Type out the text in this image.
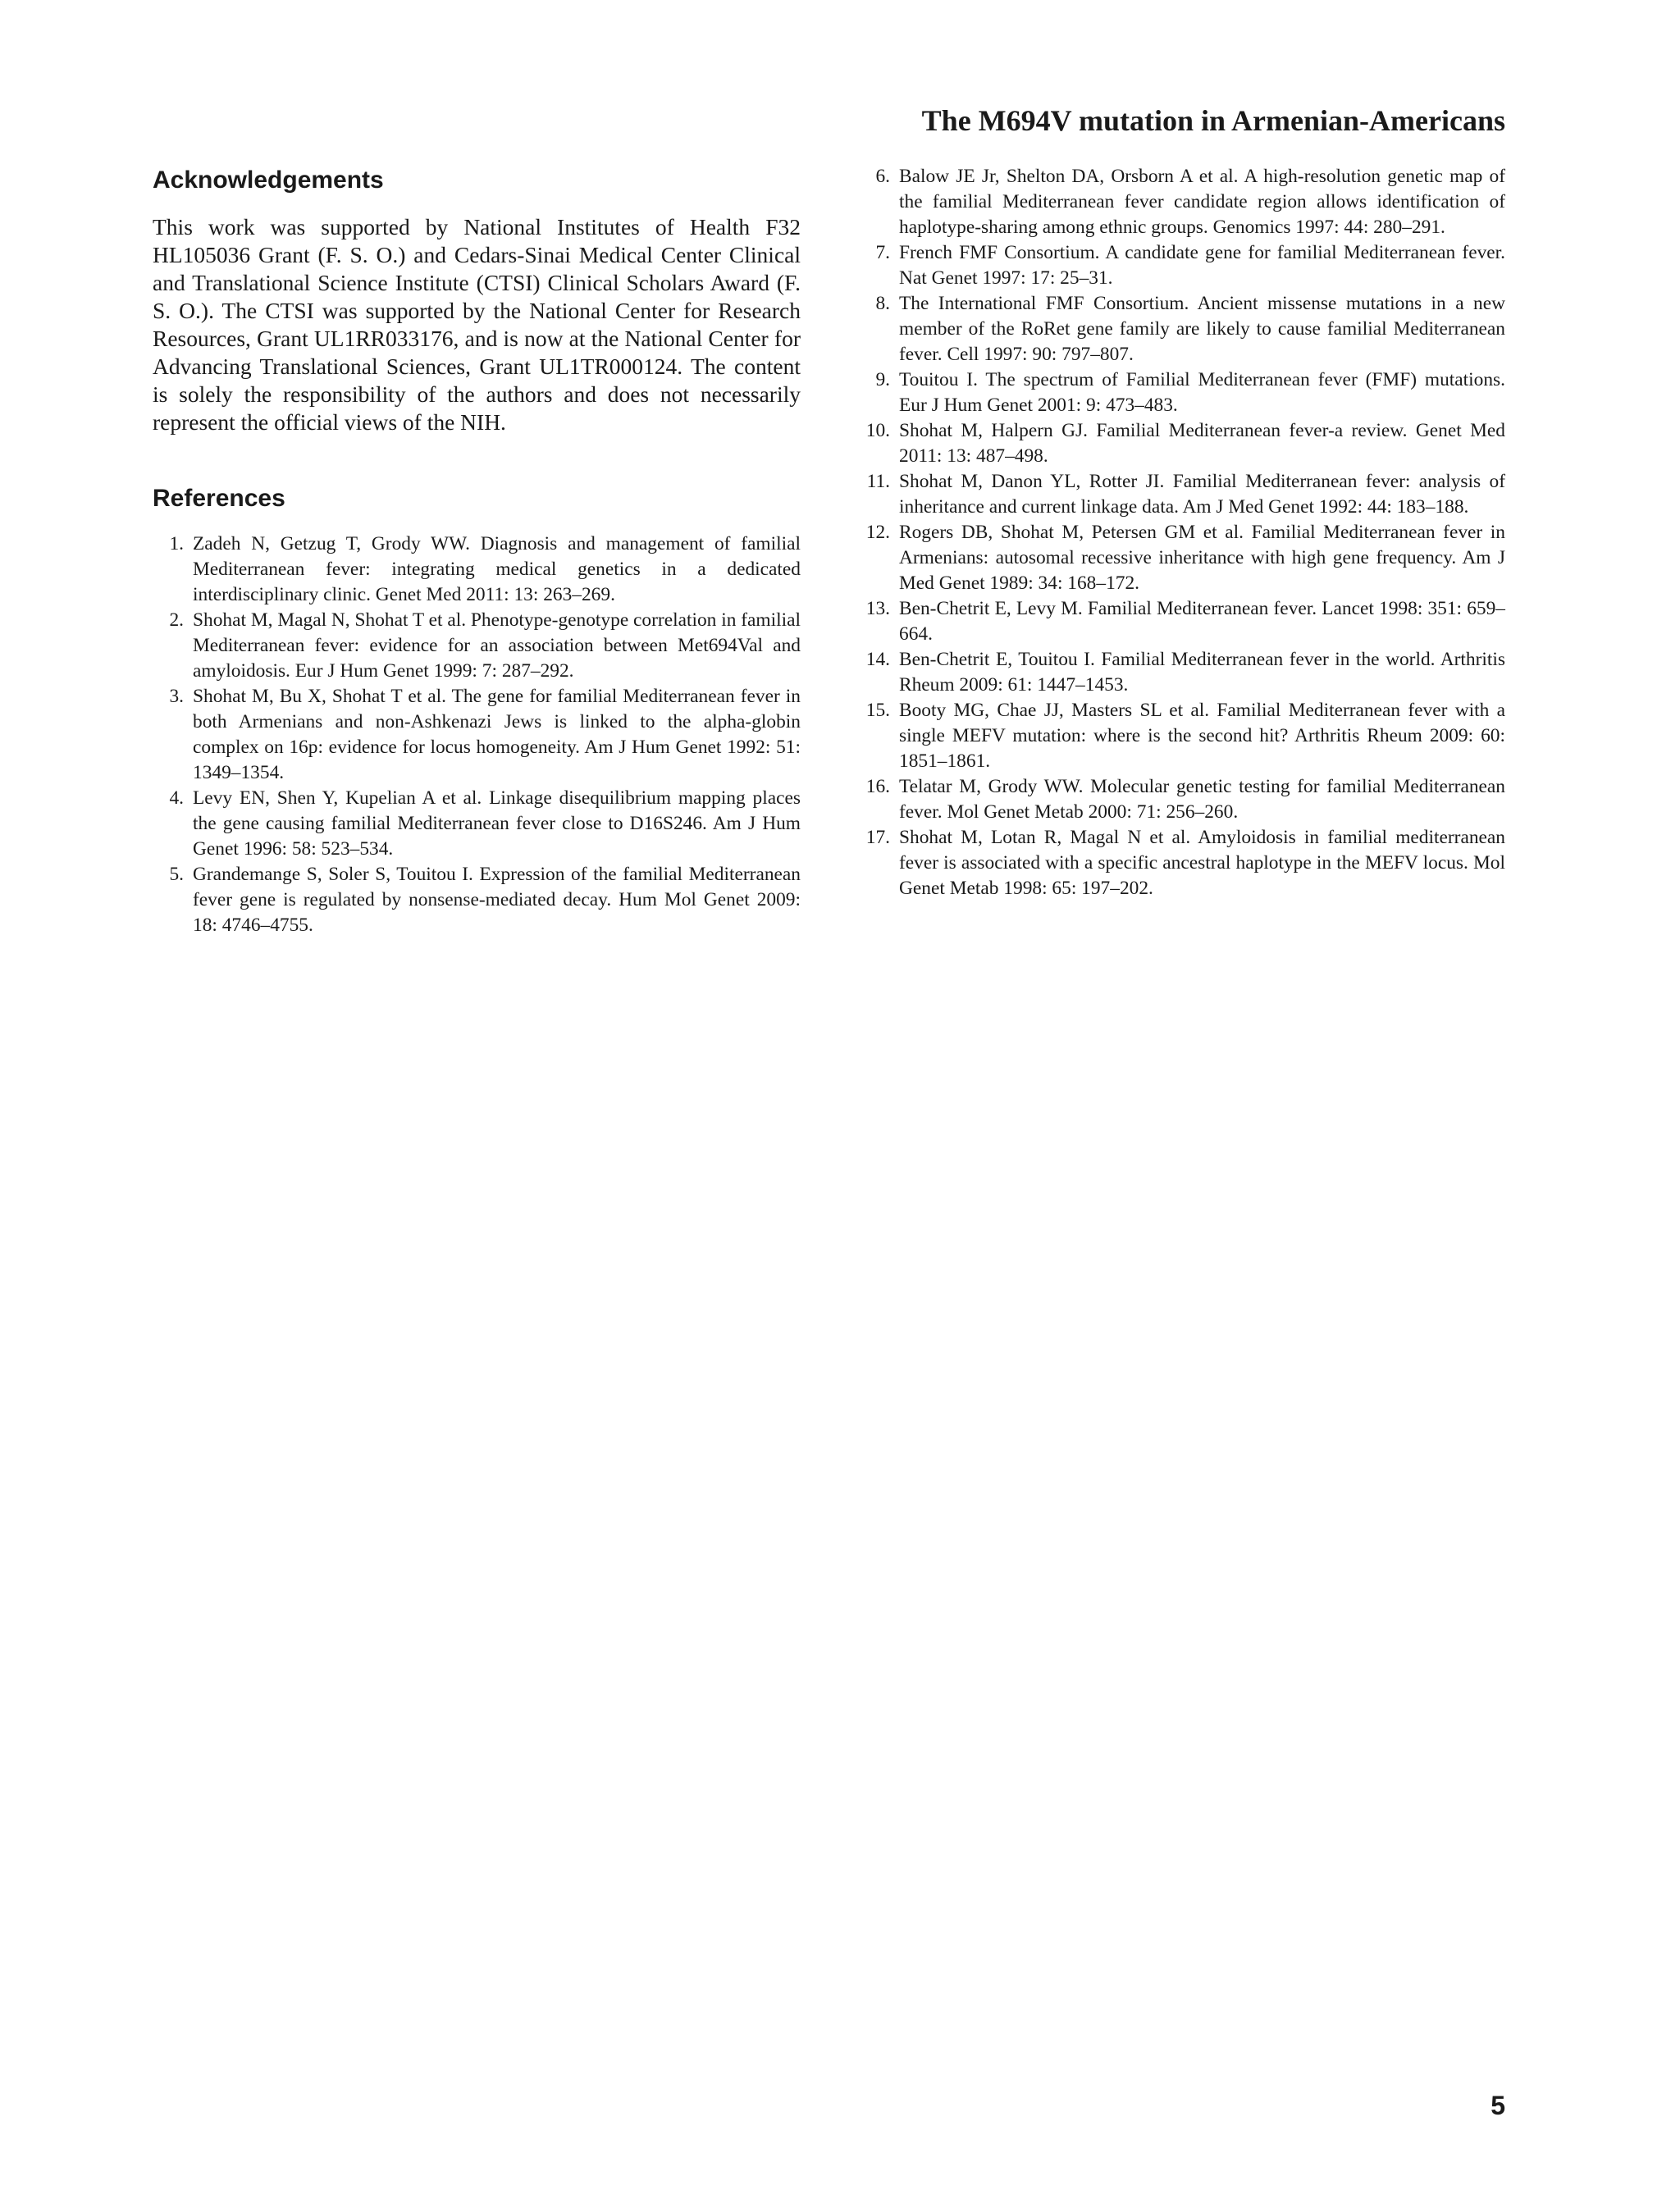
The M694V mutation in Armenian-Americans
Acknowledgements

This work was supported by National Institutes of Health F32 HL105036 Grant (F. S. O.) and Cedars-Sinai Medical Center Clinical and Translational Science Institute (CTSI) Clinical Scholars Award (F. S. O.). The CTSI was supported by the National Center for Research Resources, Grant UL1RR033176, and is now at the National Center for Advancing Translational Sciences, Grant UL1TR000124. The content is solely the responsibility of the authors and does not necessarily represent the official views of the NIH.

References
1. Zadeh N, Getzug T, Grody WW. Diagnosis and management of familial Mediterranean fever: integrating medical genetics in a dedicated interdisciplinary clinic. Genet Med 2011: 13: 263–269.
2. Shohat M, Magal N, Shohat T et al. Phenotype-genotype correlation in familial Mediterranean fever: evidence for an association between Met694Val and amyloidosis. Eur J Hum Genet 1999: 7: 287–292.
3. Shohat M, Bu X, Shohat T et al. The gene for familial Mediterranean fever in both Armenians and non-Ashkenazi Jews is linked to the alpha-globin complex on 16p: evidence for locus homogeneity. Am J Hum Genet 1992: 51: 1349–1354.
4. Levy EN, Shen Y, Kupelian A et al. Linkage disequilibrium mapping places the gene causing familial Mediterranean fever close to D16S246. Am J Hum Genet 1996: 58: 523–534.
5. Grandemange S, Soler S, Touitou I. Expression of the familial Mediterranean fever gene is regulated by nonsense-mediated decay. Hum Mol Genet 2009: 18: 4746–4755.
6. Balow JE Jr, Shelton DA, Orsborn A et al. A high-resolution genetic map of the familial Mediterranean fever candidate region allows identification of haplotype-sharing among ethnic groups. Genomics 1997: 44: 280–291.
7. French FMF Consortium. A candidate gene for familial Mediterranean fever. Nat Genet 1997: 17: 25–31.
8. The International FMF Consortium. Ancient missense mutations in a new member of the RoRet gene family are likely to cause familial Mediterranean fever. Cell 1997: 90: 797–807.
9. Touitou I. The spectrum of Familial Mediterranean fever (FMF) mutations. Eur J Hum Genet 2001: 9: 473–483.
10. Shohat M, Halpern GJ. Familial Mediterranean fever-a review. Genet Med 2011: 13: 487–498.
11. Shohat M, Danon YL, Rotter JI. Familial Mediterranean fever: analysis of inheritance and current linkage data. Am J Med Genet 1992: 44: 183–188.
12. Rogers DB, Shohat M, Petersen GM et al. Familial Mediterranean fever in Armenians: autosomal recessive inheritance with high gene frequency. Am J Med Genet 1989: 34: 168–172.
13. Ben-Chetrit E, Levy M. Familial Mediterranean fever. Lancet 1998: 351: 659–664.
14. Ben-Chetrit E, Touitou I. Familial Mediterranean fever in the world. Arthritis Rheum 2009: 61: 1447–1453.
15. Booty MG, Chae JJ, Masters SL et al. Familial Mediterranean fever with a single MEFV mutation: where is the second hit? Arthritis Rheum 2009: 60: 1851–1861.
16. Telatar M, Grody WW. Molecular genetic testing for familial Mediterranean fever. Mol Genet Metab 2000: 71: 256–260.
17. Shohat M, Lotan R, Magal N et al. Amyloidosis in familial mediterranean fever is associated with a specific ancestral haplotype in the MEFV locus. Mol Genet Metab 1998: 65: 197–202.

5
